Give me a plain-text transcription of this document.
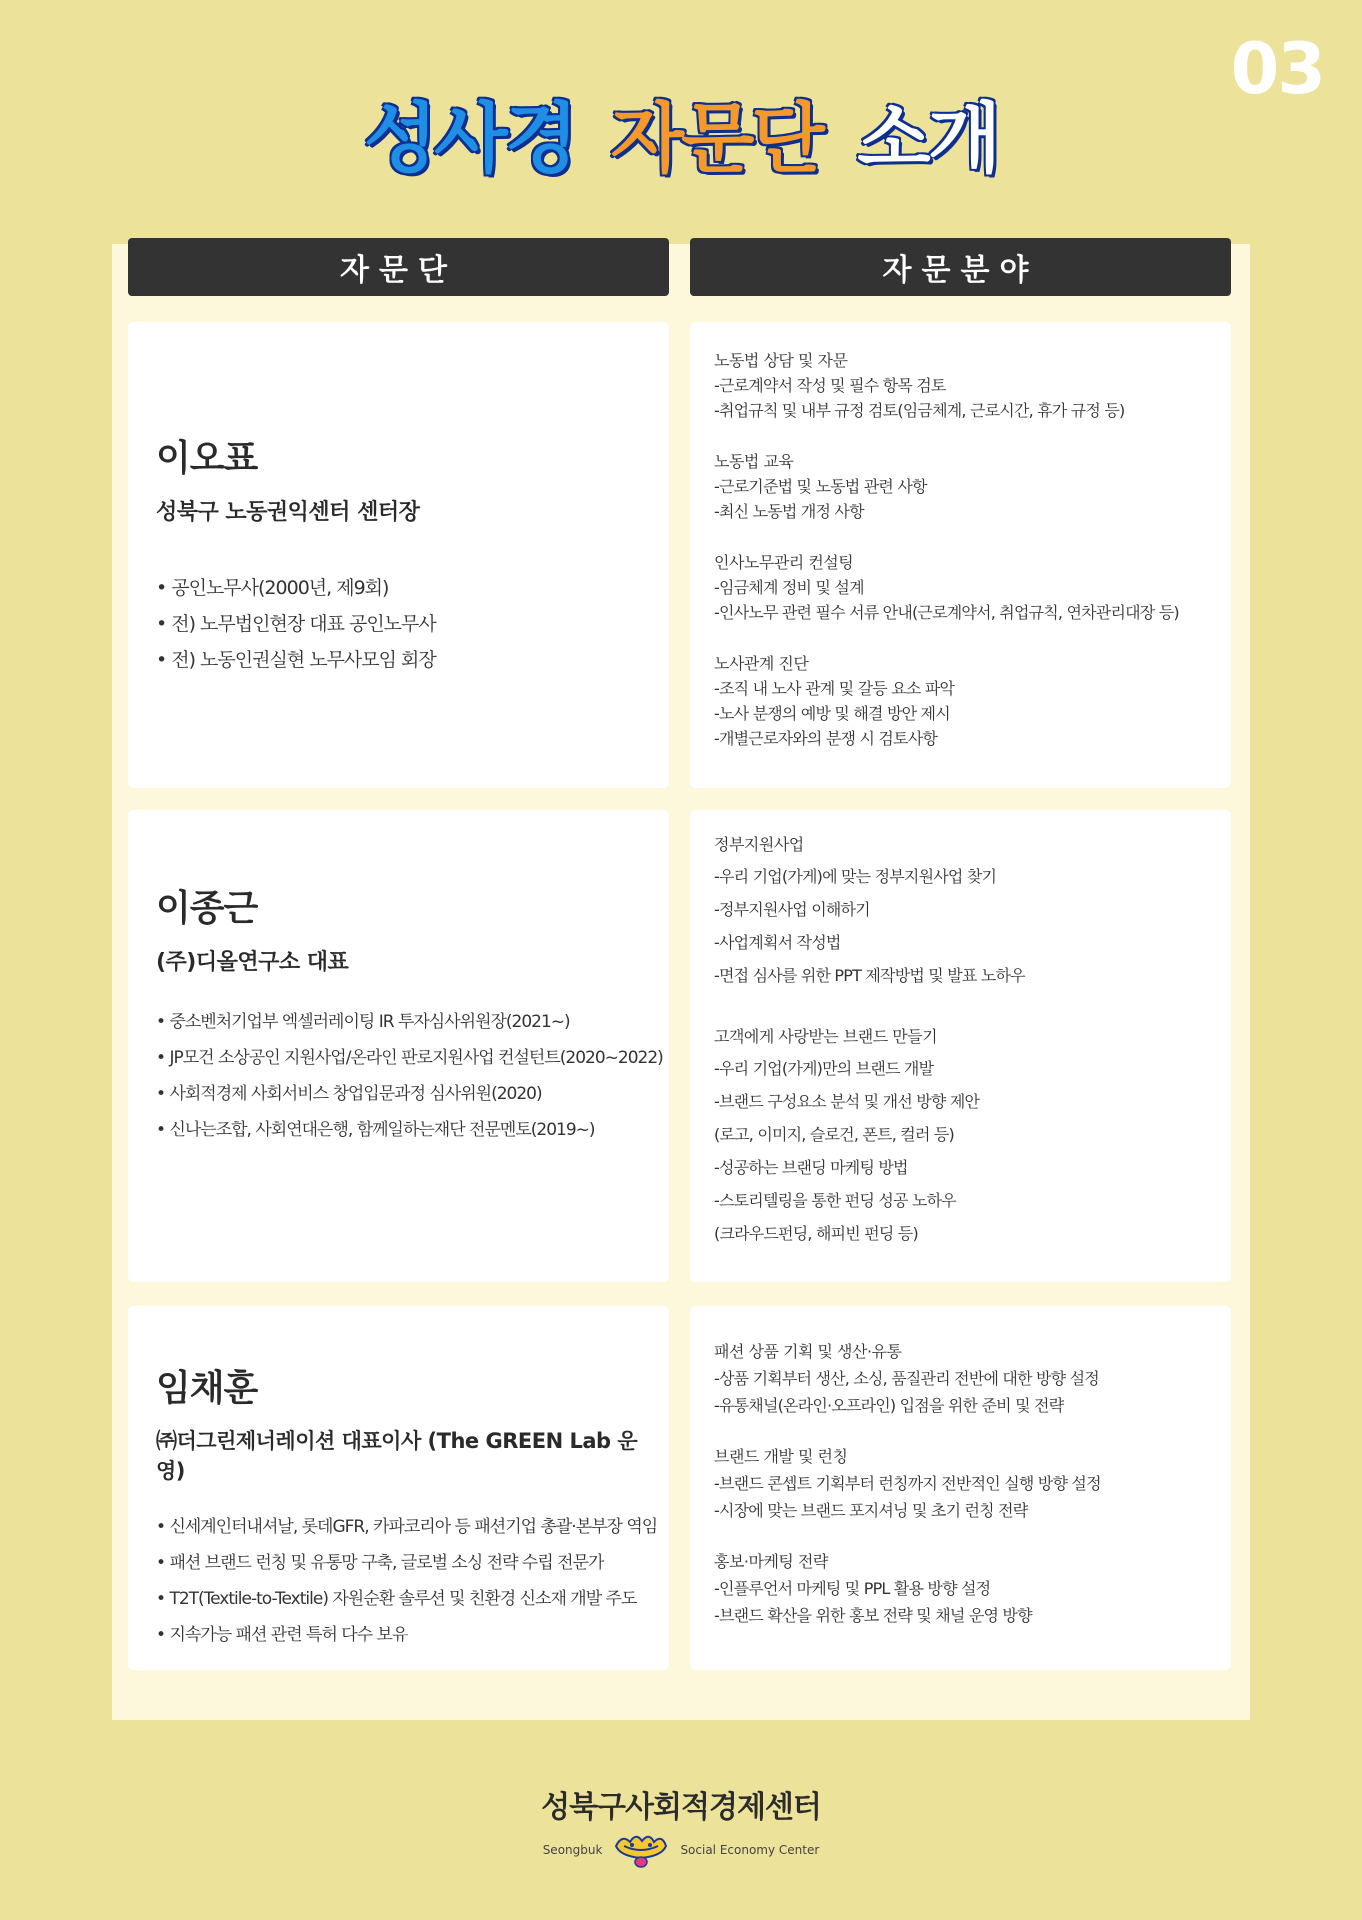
03
성사경 자문단 소개
자문단	자문분야
이오표
성북구 노동권익센터 센터장
• 공인노무사(2000년, 제9회)
• 전) 노무법인현장 대표 공인노무사
• 전) 노동인권실현 노무사모임 회장
노동법 상담 및 자문
-근로계약서 작성 및 필수 항목 검토
-취업규칙 및 내부 규정 검토(임금체계, 근로시간, 휴가 규정 등)
노동법 교육
-근로기준법 및 노동법 관련 사항
-최신 노동법 개정 사항
인사노무관리 컨설팅
-임금체계 정비 및 설계
-인사노무 관련 필수 서류 안내(근로계약서, 취업규칙, 연차관리대장 등)
노사관계 진단
-조직 내 노사 관계 및 갈등 요소 파악
-노사 분쟁의 예방 및 해결 방안 제시
-개별근로자와의 분쟁 시 검토사항
이종근
(주)디올연구소 대표
• 중소벤처기업부 엑셀러레이팅 IR 투자심사위원장(2021~)
• JP모건 소상공인 지원사업/온라인 판로지원사업 컨설턴트(2020~2022)
• 사회적경제 사회서비스 창업입문과정 심사위원(2020)
• 신나는조합, 사회연대은행, 함께일하는재단 전문멘토(2019~)
정부지원사업
-우리 기업(가게)에 맞는 정부지원사업 찾기
-정부지원사업 이해하기
-사업계획서 작성법
-면접 심사를 위한 PPT 제작방법 및 발표 노하우
고객에게 사랑받는 브랜드 만들기
-우리 기업(가게)만의 브랜드 개발
-브랜드 구성요소 분석 및 개선 방향 제안
(로고, 이미지, 슬로건, 폰트, 컬러 등)
-성공하는 브랜딩 마케팅 방법
-스토리텔링을 통한 펀딩 성공 노하우
(크라우드펀딩, 해피빈 펀딩 등)
임채훈
㈜더그린제너레이션 대표이사 (The GREEN Lab 운영)
• 신세계인터내셔날, 롯데GFR, 카파코리아 등 패션기업 총괄·본부장 역임
• 패션 브랜드 런칭 및 유통망 구축, 글로벌 소싱 전략 수립 전문가
• T2T(Textile-to-Textile) 자원순환 솔루션 및 친환경 신소재 개발 주도
• 지속가능 패션 관련 특허 다수 보유
패션 상품 기획 및 생산·유통
-상품 기획부터 생산, 소싱, 품질관리 전반에 대한 방향 설정
-유통채널(온라인·오프라인) 입점을 위한 준비 및 전략
브랜드 개발 및 런칭
-브랜드 콘셉트 기획부터 런칭까지 전반적인 실행 방향 설정
-시장에 맞는 브랜드 포지셔닝 및 초기 런칭 전략
홍보·마케팅 전략
-인플루언서 마케팅 및 PPL 활용 방향 설정
-브랜드 확산을 위한 홍보 전략 및 채널 운영 방향
성북구사회적경제센터
Seongbuk	Social Economy Center
